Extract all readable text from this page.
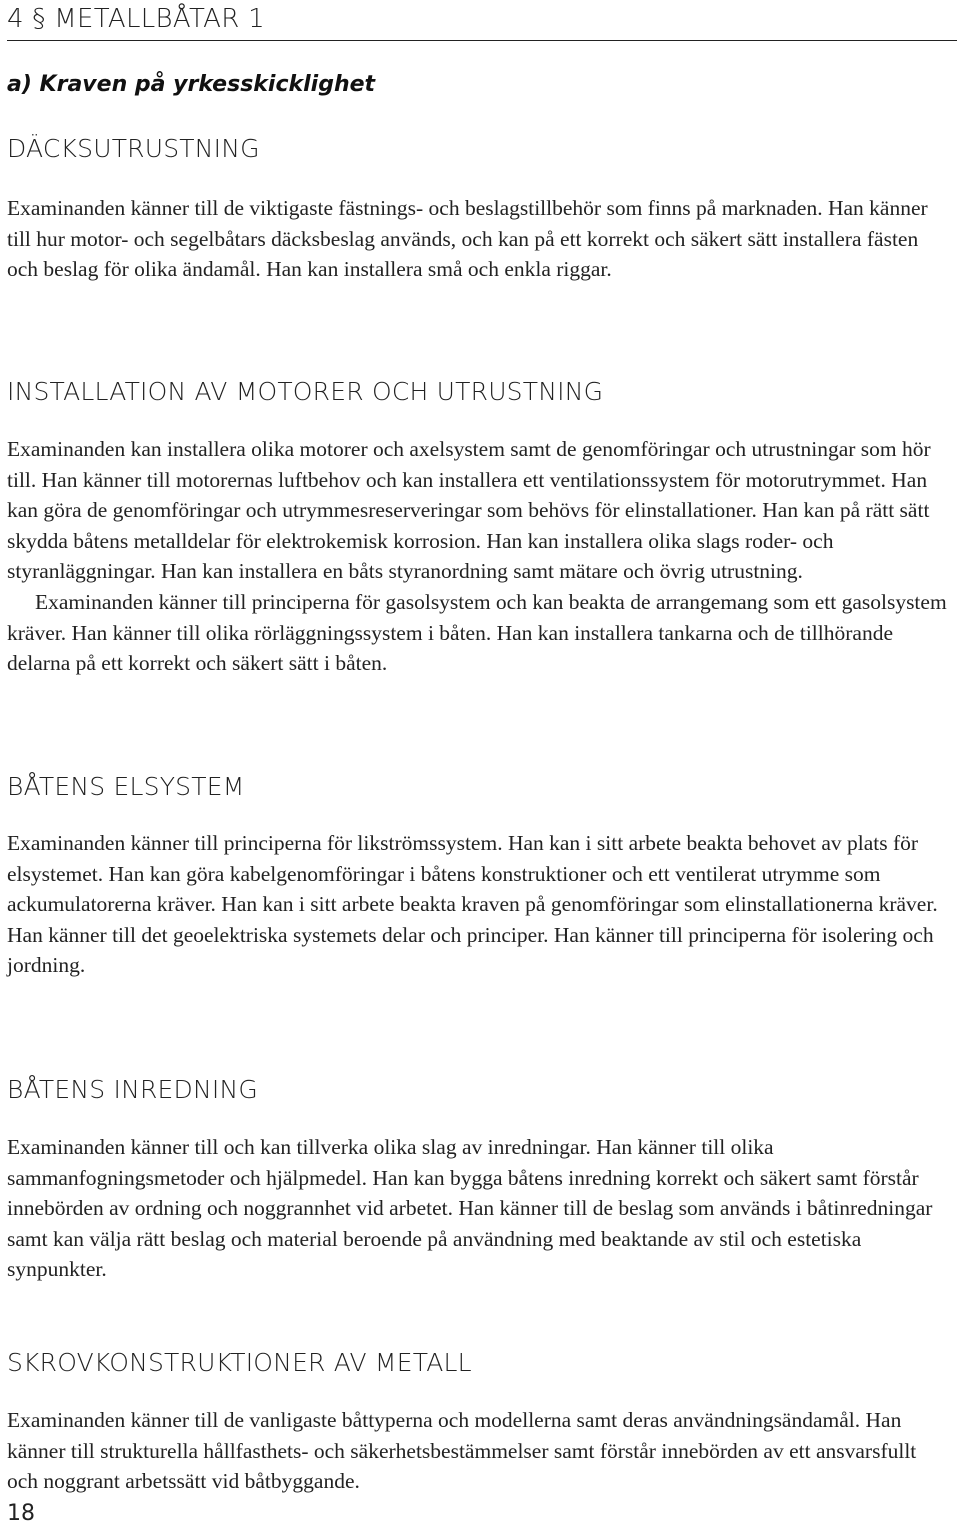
4 § METALLBÅTAR 1
a) Kraven på yrkesskicklighet
DÄCKSUTRUSTNING

Examinanden känner till de viktigaste fästnings- och beslagstillbehör som finns på marknaden. Han känner till hur motor- och segelbåtars däcksbeslag används, och kan på ett korrekt och säkert sätt installera fästen och beslag för olika ändamål. Han kan installera små och enkla riggar.

INSTALLATION AV MOTORER OCH UTRUSTNING

Examinanden kan installera olika motorer och axelsystem samt de genomföringar och utrustningar som hör till. Han känner till motorernas luftbehov och kan installera ett ventilationssystem för motorutrymmet. Han kan göra de genomföringar och utrymmesreserveringar som behövs för elinstallationer. Han kan på rätt sätt skydda båtens metalldelar för elektrokemisk korrosion. Han kan installera olika slags roder- och styranläggningar. Han kan installera en båts styranordning samt mätare och övrig utrustning.

Examinanden känner till principerna för gasolsystem och kan beakta de arrangemang som ett gasolsystem kräver. Han känner till olika rörläggningssystem i båten. Han kan installera tankarna och de tillhörande delarna på ett korrekt och säkert sätt i båten.

BÅTENS ELSYSTEM

Examinanden känner till principerna för likströmssystem. Han kan i sitt arbete beakta behovet av plats för elsystemet. Han kan göra kabelgenomföringar i båtens konstruktioner och ett ventilerat utrymme som ackumulatorerna kräver. Han kan i sitt arbete beakta kraven på genomföringar som elinstallationerna kräver. Han känner till det geoelektriska systemets delar och principer. Han känner till principerna för isolering och jordning.

BÅTENS INREDNING

Examinanden känner till och kan tillverka olika slag av inredningar. Han känner till olika sammanfogningsmetoder och hjälpmedel. Han kan bygga båtens inredning korrekt och säkert samt förstår innebörden av ordning och noggrannhet vid arbetet. Han känner till de beslag som används i båtinredningar samt kan välja rätt beslag och material beroende på användning med beaktande av stil och estetiska synpunkter.

SKROVKONSTRUKTIONER AV METALL

Examinanden känner till de vanligaste båttyperna och modellerna samt deras användningsändamål. Han känner till strukturella hållfasthets- och säkerhetsbestämmelser samt förstår innebörden av ett ansvarsfullt och noggrant arbetssätt vid båtbyggande.

18
